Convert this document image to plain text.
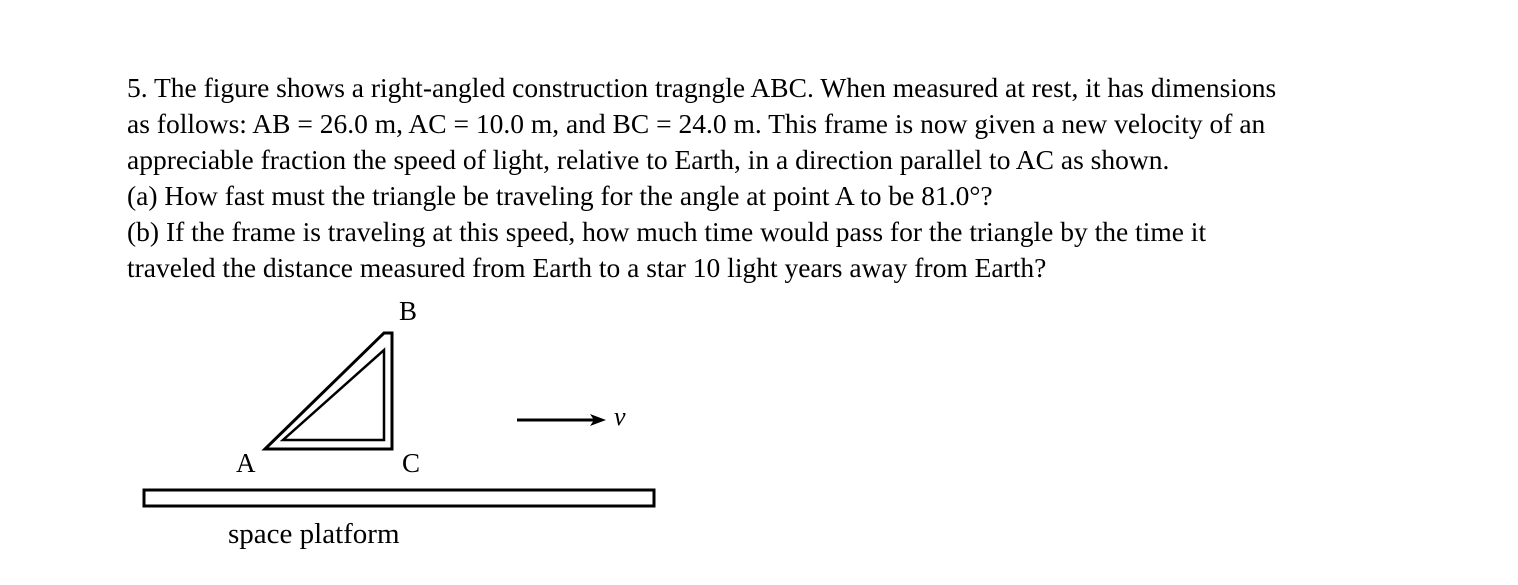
5. The figure shows a right-angled construction tragngle ABC. When measured at rest, it has dimensions
as follows: AB = 26.0 m, AC = 10.0 m, and BC = 24.0 m. This frame is now given a new velocity of an
appreciable fraction the speed of light, relative to Earth, in a direction parallel to AC as shown.
(a) How fast must the triangle be traveling for the angle at point A to be 81.0°?
(b) If the frame is traveling at this speed, how much time would pass for the triangle by the time it
traveled the distance measured from Earth to a star 10 light years away from Earth?
B
A	C
v
space platform
